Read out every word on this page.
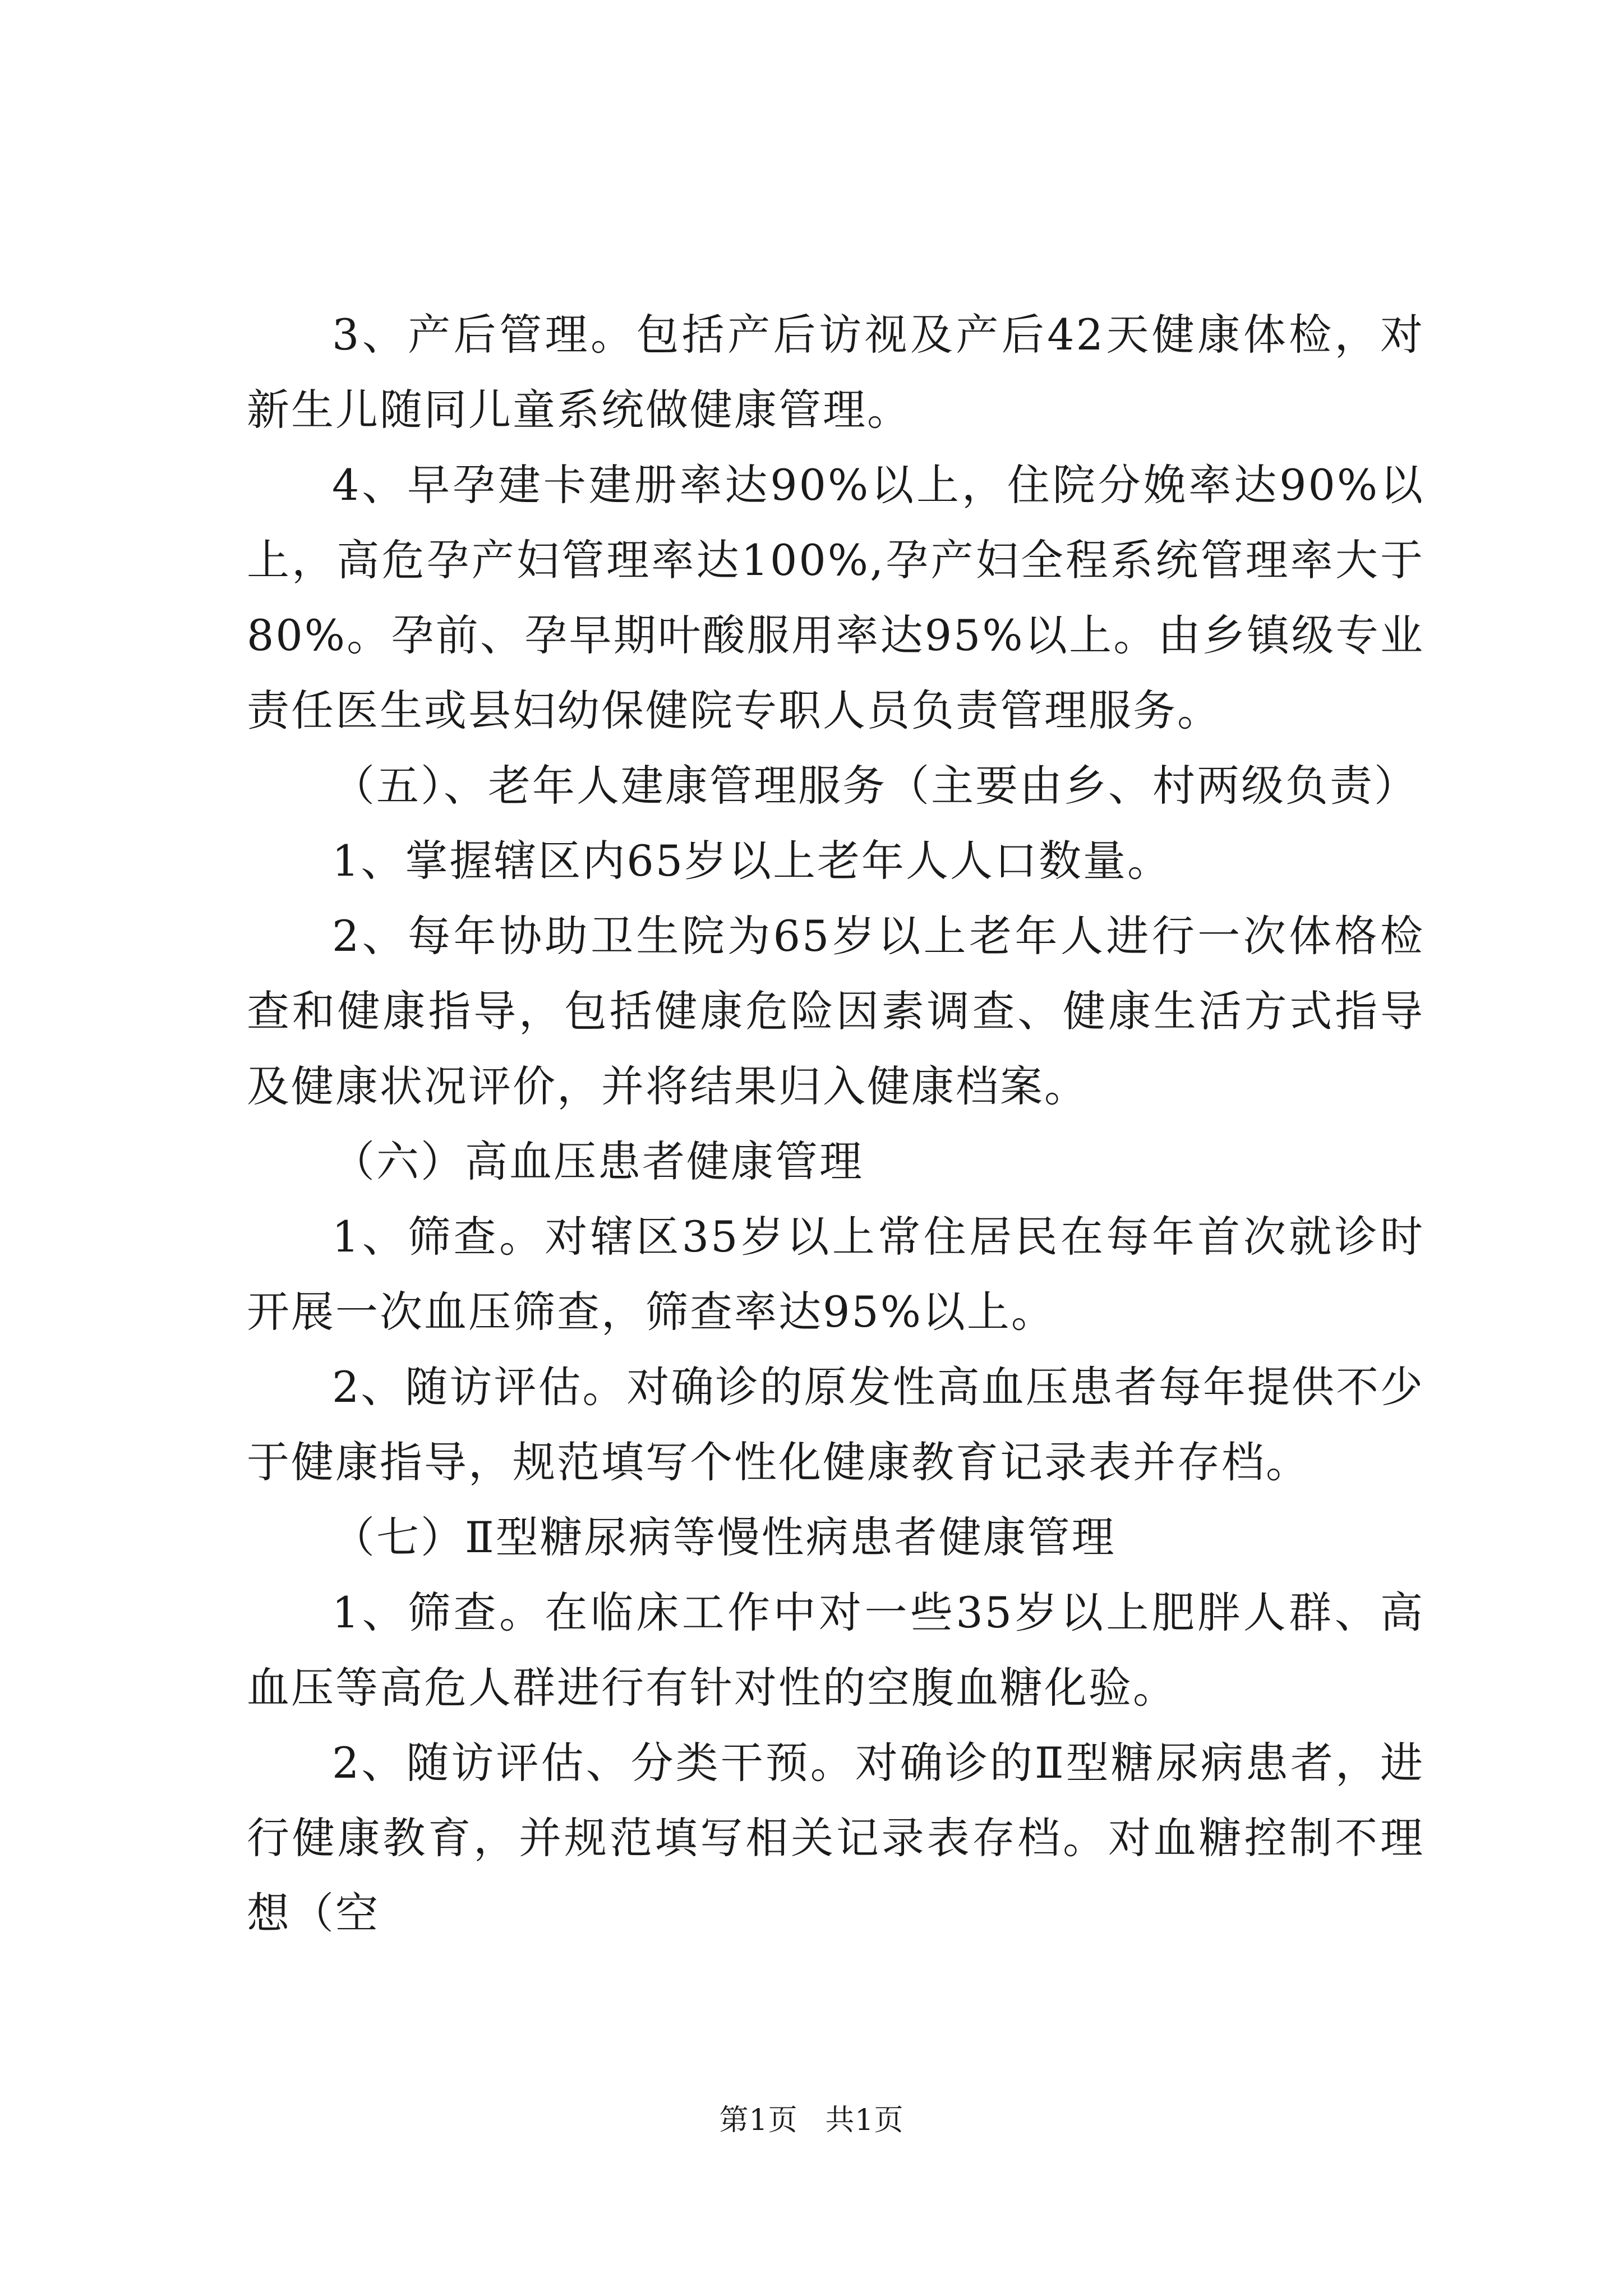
3、产后管理。包括产后访视及产后42天健康体检，对新生儿随同儿童系统做健康管理。

4、早孕建卡建册率达90%以上，住院分娩率达90%以上，高危孕产妇管理率达100%,孕产妇全程系统管理率大于80%。孕前、孕早期叶酸服用率达95%以上。由乡镇级专业责任医生或县妇幼保健院专职人员负责管理服务。

（五）、老年人建康管理服务（主要由乡、村两级负责）

1、掌握辖区内65岁以上老年人人口数量。

2、每年协助卫生院为65岁以上老年人进行一次体格检查和健康指导，包括健康危险因素调查、健康生活方式指导及健康状况评价，并将结果归入健康档案。

（六）高血压患者健康管理

1、筛查。对辖区35岁以上常住居民在每年首次就诊时开展一次血压筛查，筛查率达95%以上。

2、随访评估。对确诊的原发性高血压患者每年提供不少于健康指导，规范填写个性化健康教育记录表并存档。

（七）Ⅱ型糖尿病等慢性病患者健康管理

1、筛查。在临床工作中对一些35岁以上肥胖人群、高血压等高危人群进行有针对性的空腹血糖化验。

2、随访评估、分类干预。对确诊的Ⅱ型糖尿病患者，进行健康教育，并规范填写相关记录表存档。对血糖控制不理想（空

第1页 共1页
